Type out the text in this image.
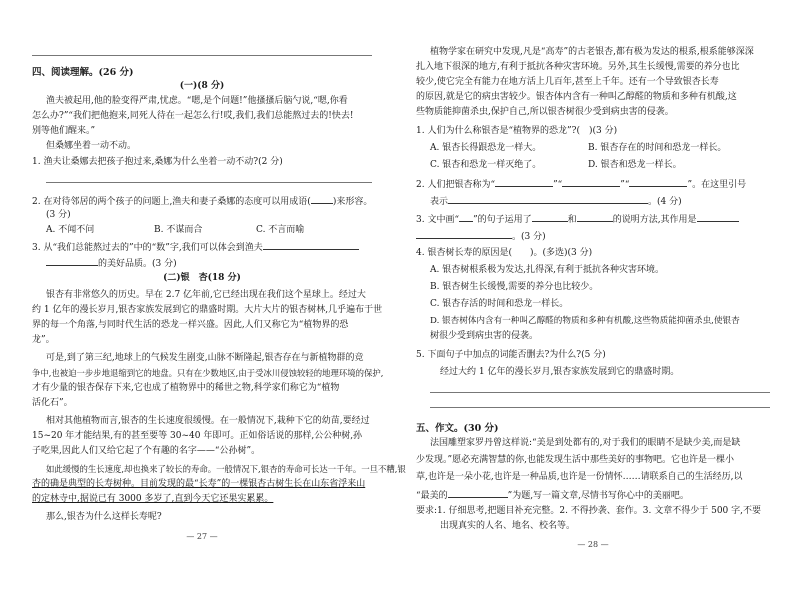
四、阅读理解。(26 分)
(一)(8 分)
渔夫被起用,他的脸变得严肃,忧虑。“嗯,是个问题!”他搔搔后脑勺说,“嗯,你看
怎么办?”“我们把他抱来,同死人待在一起怎么行!哎,我们,我们总能熬过去的!快去!
别等他们醒来。”
但桑娜坐着一动不动。
1. 渔夫让桑娜去把孩子抱过来,桑娜为什么坐着一动不动?(2 分)
2. 在对待邻居的两个孩子的问题上,渔夫和妻子桑娜的态度可以用成语( )来形容。
(3 分)
A. 不闻不问	B. 不谋而合	C. 不言而喻
3. 从“我们总能熬过去的”中的“数”字,我们可以体会到渔夫
的美好品质。(3 分)
(二)银　杏(18 分)
银杏有非常悠久的历史。早在 2.7 亿年前,它已经出现在我们这个星球上。经过大
约 1 亿年的漫长岁月,银杏家族发展到它的鼎盛时期。大片大片的银杏树林,几乎遍布于世
界的每一个角落,与同时代生活的恐龙一样兴盛。因此,人们又称它为“植物界的恐
龙”。
可是,到了第三纪,地球上的气候发生剧变,山脉不断隆起,银杏存在与新植物群的竞
争中,也被迫一步步地退缩到它的地盘。只有在少数地区,由于受冰川侵蚀较轻的地理环境的保护,
才有少量的银杏保存下来,它也成了植物界中的稀世之物,科学家们称它为“植物
活化石”。
相对其他植物而言,银杏的生长速度很缓慢。在一般情况下,栽种下它的幼苗,要经过
15~20 年才能结果,有的甚至要等 30~40 年即可。正如俗话说的那样,公公种树,孙
子吃果,因此人们又给它起了个有趣的名字——“公孙树”。
如此缓慢的生长速度,却也换来了较长的寿命。一般情况下,银杏的寿命可长达一千年。一旦不糟,银
杏的确是典型的长寿树种。目前发现的最“长寿”的一棵银杏古树生长在山东省浮来山
的定林寺中,据说已有 3000 多岁了,直到今天它还果实累累。
那么,银杏为什么这样长寿呢?
— 27 —
植物学家在研究中发现,凡是“高寿”的古老银杏,都有极为发达的根系,根系能够深深
扎入地下很深的地方,有利于抵抗各种灾害环境。另外,其生长缓慢,需要的养分也比
较少,使它完全有能力在地方活上几百年,甚至上千年。还有一个导致银杏长寿
的原因,就是它的病虫害较少。银杏体内含有一种叫乙醇醛的物质和多种有机酸,这
些物质能抑菌杀虫,保护自己,所以银杏树很少受到病虫害的侵袭。
1. 人们为什么称银杏是“植物界的恐龙”?(　)(3 分)
A. 银杏长得跟恐龙一样大。	B. 银杏存在的时间和恐龙一样长。
C. 银杏和恐龙一样灭绝了。	D. 银杏和恐龙一样长。
2. 人们把银杏称为“	”“	”“	”。在这里引号
表示	。(4 分)
3. 文中画“ ”的句子运用了	和	的说明方法,其作用是
。(3 分)
4. 银杏树长寿的原因是(　　)。(多选)(3 分)
A. 银杏树根系极为发达,扎得深,有利于抵抗各种灾害环境。
B. 银杏树生长缓慢,需要的养分也比较少。
C. 银杏存活的时间和恐龙一样长。
D. 银杏树体内含有一种叫乙醇醛的物质和多种有机酸,这些物质能抑菌杀虫,使银杏
树很少受到病虫害的侵袭。
5. 下面句子中加点的词能否删去?为什么?(5 分)
经过大约 1 亿年的漫长岁月,银杏家族发展到它的鼎盛时期。
五、作文。(30 分)
法国雕塑家罗丹曾这样说:“美是到处都有的,对于我们的眼睛不是缺少美,而是缺
少发现。”愿必充满智慧的你,也能发现生活中那些美好的事物吧。它也许是一棵小
草,也许是一朵小花,也许是一种品质,也许是一份情怀……请联系自己的生活经历,以
“最美的	”为题,写一篇文章,尽情书写你心中的美丽吧。
要求:1. 仔细思考,把题目补充完整。2. 不得抄袭、套作。3. 文章不得少于 500 字,不要
出现真实的人名、地名、校名等。
— 28 —
